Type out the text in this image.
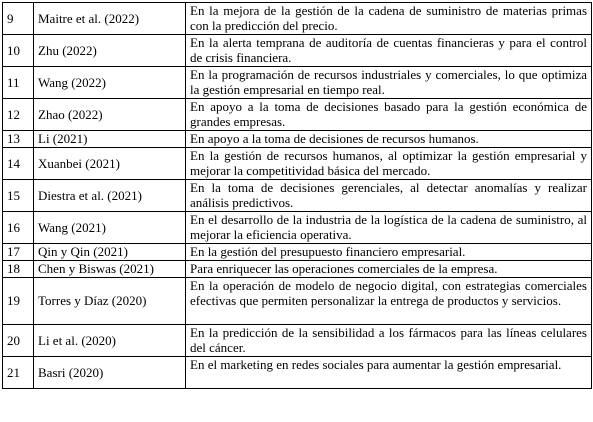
9	Maitre et al. (2022)	En la mejora de la gestión de la cadena de suministro de materias primas con la predicción del precio.
10	Zhu (2022)	En la alerta temprana de auditoría de cuentas financieras y para el control de crisis financiera.
11	Wang (2022)	En la programación de recursos industriales y comerciales, lo que optimiza la gestión empresarial en tiempo real.
12	Zhao (2022)	En apoyo a la toma de decisiones basado para la gestión económica de grandes empresas.
13	Li (2021)	En apoyo a la toma de decisiones de recursos humanos.
14	Xuanbei (2021)	En la gestión de recursos humanos, al optimizar la gestión empresarial y mejorar la competitividad básica del mercado.
15	Diestra et al. (2021)	En la toma de decisiones gerenciales, al detectar anomalías y realizar análisis predictivos.
16	Wang (2021)	En el desarrollo de la industria de la logística de la cadena de suministro, al mejorar la eficiencia operativa.
17	Qin y Qin (2021)	En la gestión del presupuesto financiero empresarial.
18	Chen y Biswas (2021)	Para enriquecer las operaciones comerciales de la empresa.
19	Torres y Díaz (2020)	En la operación de modelo de negocio digital, con estrategias comerciales efectivas que permiten personalizar la entrega de productos y servicios.
20	Li et al. (2020)	En la predicción de la sensibilidad a los fármacos para las líneas celulares del cáncer.
21	Basri (2020)	En el marketing en redes sociales para aumentar la gestión empresarial.
